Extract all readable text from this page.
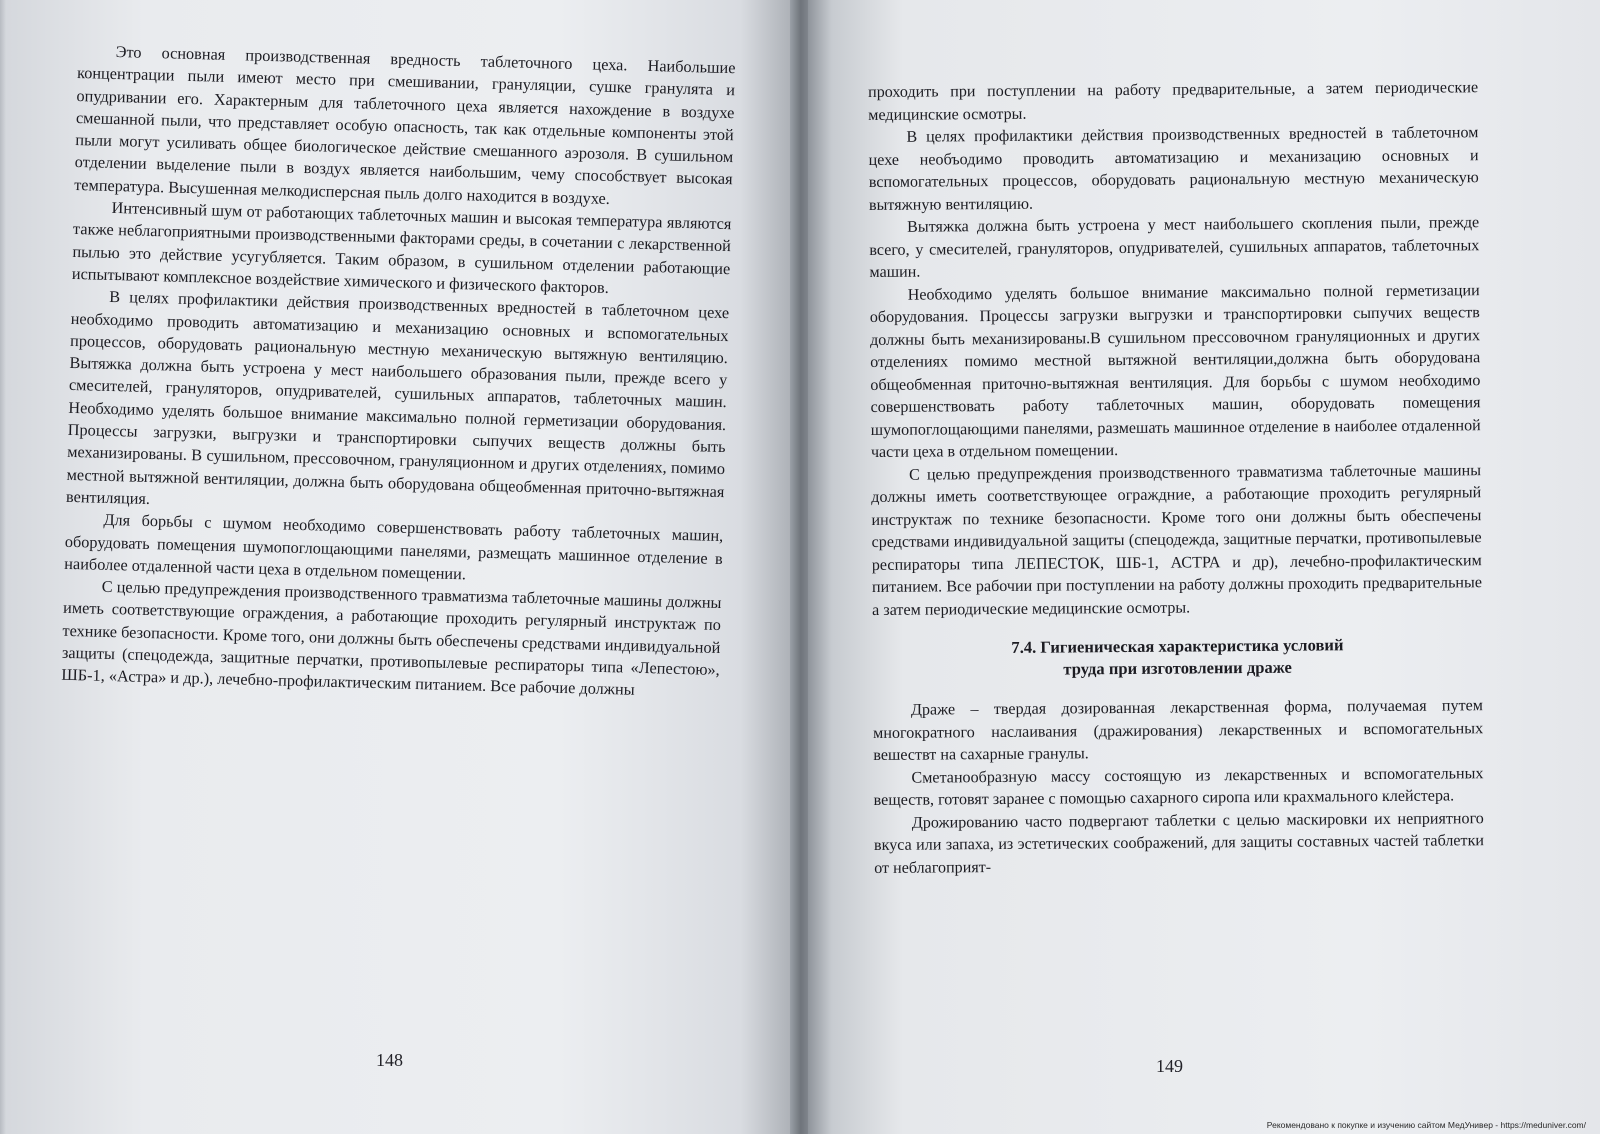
Это основная производственная вредность таблеточного цеха. Наибольшие концентрации пыли имеют место при смешивании, грануляции, сушке гранулята и опудривании его. Характерным для таблеточного цеха является нахождение в воздухе смешанной пыли, что представляет особую опасность, так как отдельные компоненты этой пыли могут усиливать общее биологическое действие смешанного аэрозоля. В сушильном отделении выделение пыли в воздух является наибольшим, чему способствует высокая температура. Высушенная мелкодисперсная пыль долго находится в воздухе.

Интенсивный шум от работающих таблеточных машин и высокая температура являются также неблагоприятными производственными факторами среды, в сочетании с лекарственной пылью это действие усугубляется. Таким образом, в сушильном отделении работающие испытывают комплексное воздействие химического и физического факторов.

В целях профилактики действия производственных вредностей в таблеточном цехе необходимо проводить автоматизацию и механизацию основных и вспомогательных процессов, оборудовать рациональную местную механическую вытяжную вентиляцию. Вытяжка должна быть устроена у мест наибольшего образования пыли, прежде всего у смесителей, грануляторов, опудривателей, сушильных аппаратов, таблеточных машин. Необходимо уделять большое внимание максимально полной герметизации оборудования. Процессы загрузки, выгрузки и транспортировки сыпучих веществ должны быть механизированы. В сушильном, прессовочном, грануляционном и других отделениях, помимо местной вытяжной вентиляции, должна быть оборудована общеобменная приточно-вытяжная вентиляция.

Для борьбы с шумом необходимо совершенствовать работу таблеточных машин, оборудовать помещения шумопоглощающими панелями, размещать машинное отделение в наиболее отдаленной части цеха в отдельном помещении.

С целью предупреждения производственного травматизма таблеточные машины должны иметь соответствующие ограждения, а работающие проходить регулярный инструктаж по технике безопасности. Кроме того, они должны быть обеспечены средствами индивидуальной защиты (спецодежда, защитные перчатки, противопылевые респираторы типа «Лепестою», ШБ-1, «Астра» и др.), лечебно-профилактическим питанием. Все рабочие должны

148

проходить при поступлении на работу предварительные, а затем периодические медицинские осмотры.

В целях профилактики действия производственных вредностей в таблеточном цехе необъодимо проводить автоматизацию и механизацию основных и вспомогательных процессов, оборудовать рациональную местную механическую вытяжную вентиляцию.

Вытяжка должна быть устроена у мест наибольшего скопления пыли, прежде всего, у смесителей, грануляторов, опудривателей, сушильных аппаратов, таблеточных машин.

Необходимо уделять большое внимание максимально полной герметизации оборудования. Процессы загрузки выгрузки и транспортировки сыпучих веществ должны быть механизированы.В сушильном прессовочном грануляционных и других отделениях помимо местной вытяжной вентиляции,должна быть оборудована общеобменная приточно-вытяжная вентиляция. Для борьбы с шумом необходимо совершенствовать работу таблеточных машин, оборудовать помещения шумопоглощающими панелями, размешать машинное отделение в наиболее отдаленной части цеха в отдельном помещении.

С целью предупреждения производственного травматизма таблеточные машины должны иметь соответствующее ограждние, а работающие проходить регулярный инструктаж по технике безопасности. Кроме того они должны быть обеспечены средствами индивидуальной защиты (спецодежда, защитные перчатки, противопылевые респираторы типа ЛЕПЕСТОК, ШБ-1, АСТРА и др), лечебно-профилактическим питанием. Все рабочии при поступлении на работу должны проходить предварительные а затем периодические медицинские осмотры.

7.4. Гигиеническая характеристика условий
труда при изготовлении драже

Драже – твердая дозированная лекарственная форма, получаемая путем многократного наслаивания (дражирования) лекарственных и вспомогательных вешествт на сахарные гранулы.

Сметанообразную массу состоящую из лекарственных и вспомогательных веществ, готовят заранее с помощью сахарного сиропа или крахмального клейстера.

Дрожированию часто подвергают таблетки с целью маскировки их неприятного вкуса или запаха, из эстетических соображений, для защиты составных частей таблетки от неблагоприят-

149
Рекомендовано к покупке и изучению сайтом МедУнивер - https://meduniver.com/
